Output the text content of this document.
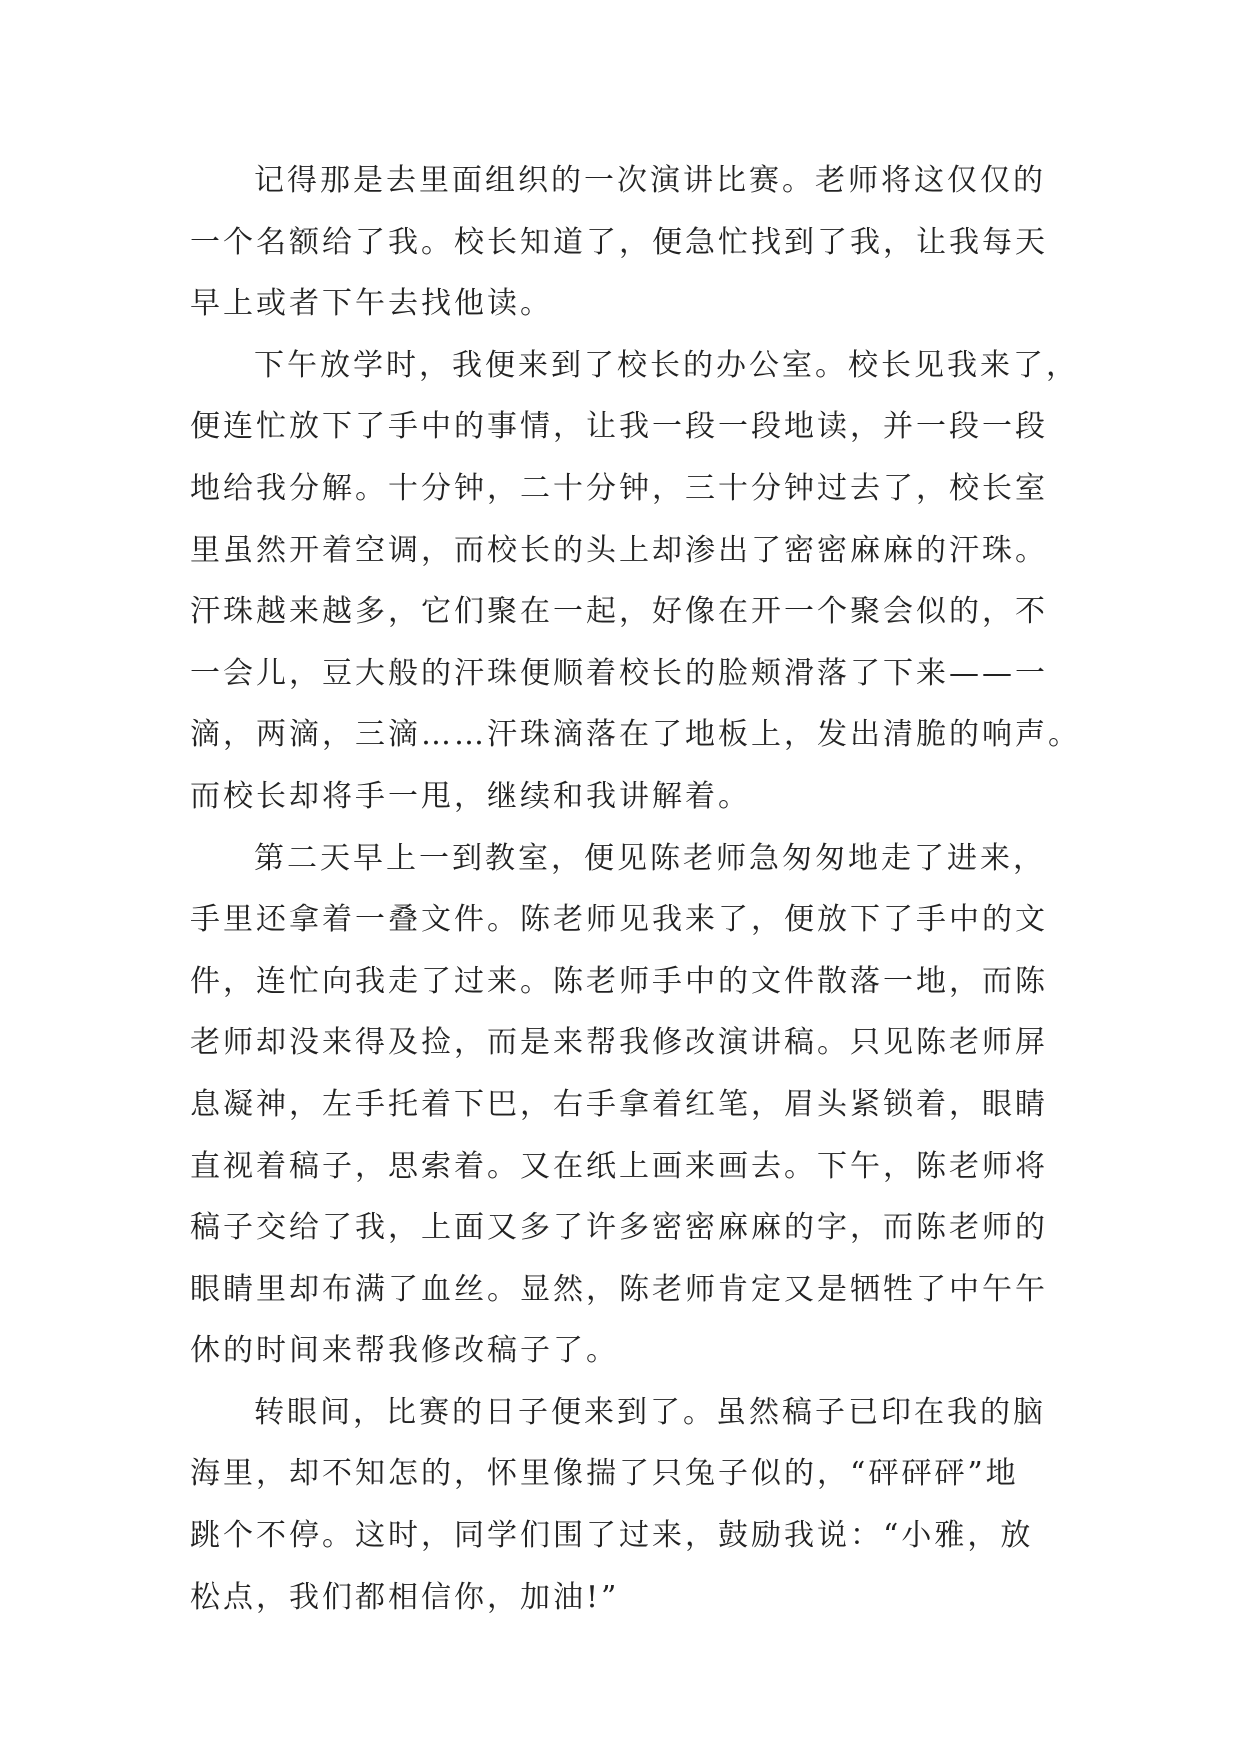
记得那是去里面组织的一次演讲比赛。老师将这仅仅的
一个名额给了我。校长知道了，便急忙找到了我，让我每天
早上或者下午去找他读。

下午放学时，我便来到了校长的办公室。校长见我来了，
便连忙放下了手中的事情，让我一段一段地读，并一段一段
地给我分解。十分钟，二十分钟，三十分钟过去了，校长室
里虽然开着空调，而校长的头上却渗出了密密麻麻的汗珠。
汗珠越来越多，它们聚在一起，好像在开一个聚会似的，不
一会儿，豆大般的汗珠便顺着校长的脸颊滑落了下来——一
滴，两滴，三滴……汗珠滴落在了地板上，发出清脆的响声。
而校长却将手一甩，继续和我讲解着。

第二天早上一到教室，便见陈老师急匆匆地走了进来，
手里还拿着一叠文件。陈老师见我来了，便放下了手中的文
件，连忙向我走了过来。陈老师手中的文件散落一地，而陈
老师却没来得及捡，而是来帮我修改演讲稿。只见陈老师屏
息凝神，左手托着下巴，右手拿着红笔，眉头紧锁着，眼睛
直视着稿子，思索着。又在纸上画来画去。下午，陈老师将
稿子交给了我，上面又多了许多密密麻麻的字，而陈老师的
眼睛里却布满了血丝。显然，陈老师肯定又是牺牲了中午午
休的时间来帮我修改稿子了。

转眼间，比赛的日子便来到了。虽然稿子已印在我的脑
海里，却不知怎的，怀里像揣了只兔子似的，“砰砰砰”地
跳个不停。这时，同学们围了过来，鼓励我说：“小雅，放
松点，我们都相信你，加油!”
